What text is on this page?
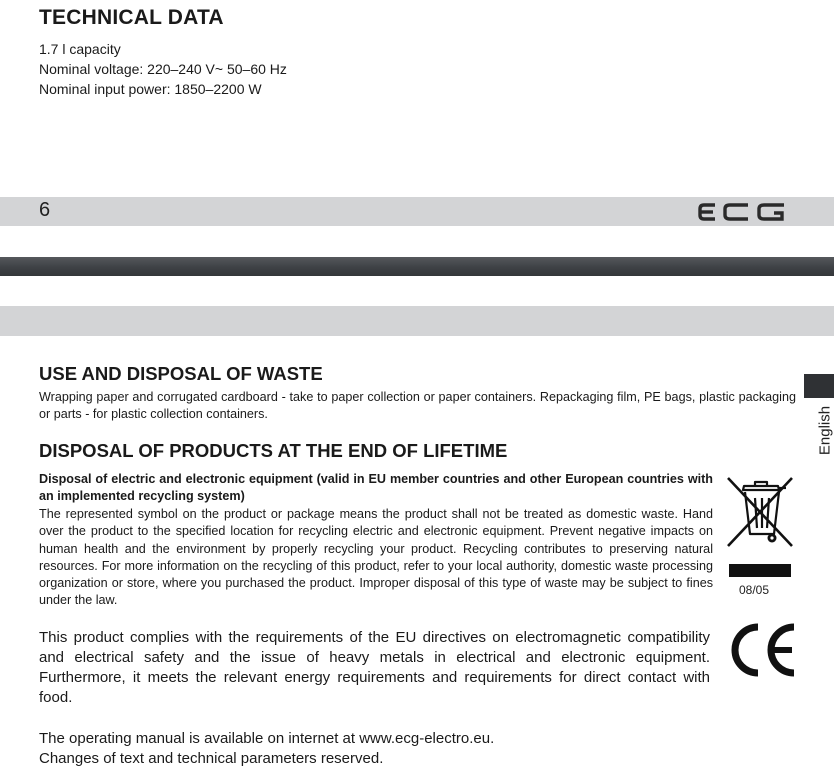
TECHNICAL DATA
1.7 l capacity
Nominal voltage: 220–240 V~ 50–60 Hz
Nominal input power: 1850–2200 W
6
English
USE AND DISPOSAL OF WASTE
Wrapping paper and corrugated cardboard - take to paper collection or paper containers. Repackaging film, PE bags, plastic packaging or parts - for plastic collection containers.
DISPOSAL OF PRODUCTS AT THE END OF LIFETIME
Disposal of electric and electronic equipment (valid in EU member countries and other European countries with an implemented recycling system)
The represented symbol on the product or package means the product shall not be treated as domestic waste. Hand over the product to the specified location for recycling electric and electronic equipment. Prevent negative impacts on human health and the environment by properly recycling your product. Recycling contributes to preserving natural resources. For more information on the recycling of this product, refer to your local authority, domestic waste processing organization or store, where you purchased the product. Improper disposal of this type of waste may be subject to fines under the law.
08/05
This product complies with the requirements of the EU directives on electromagnetic compatibility and electrical safety and the issue of heavy metals in electrical and electronic equipment. Furthermore, it meets the relevant energy requirements and requirements for direct contact with food.
The operating manual is available on internet at www.ecg-electro.eu.
Changes of text and technical parameters reserved.
